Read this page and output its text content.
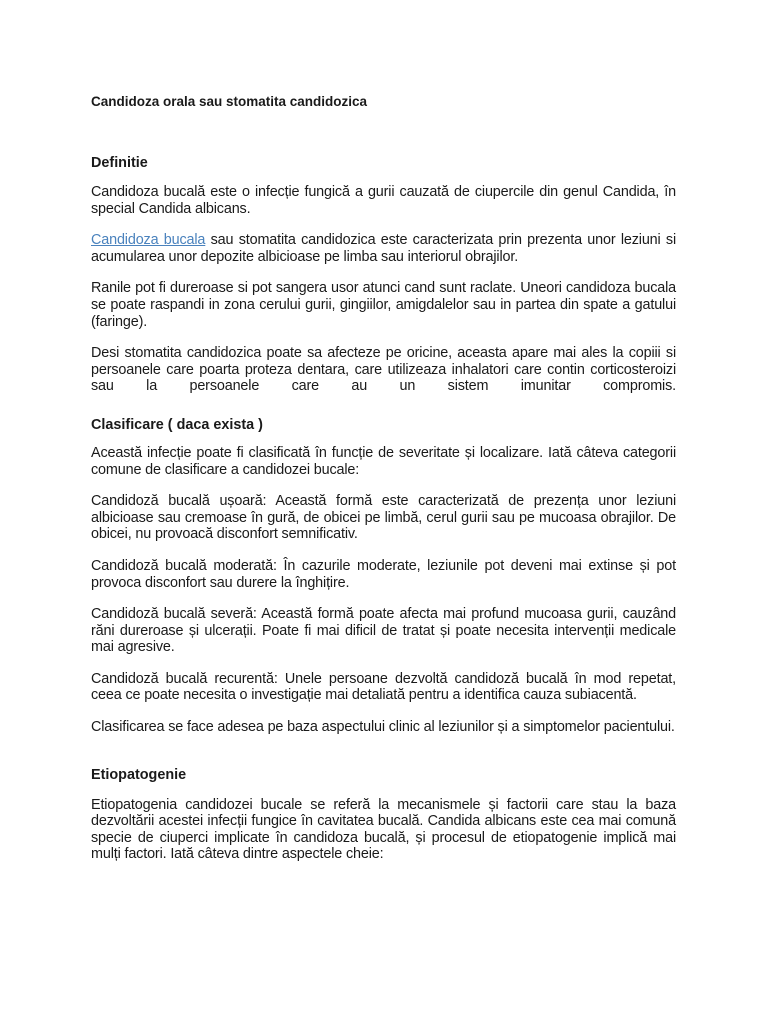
Candidoza orala sau stomatita candidozica

Definitie

Candidoza bucală este o infecție fungică a gurii cauzată de ciupercile din genul Candida, în special Candida albicans.

Candidoza bucala sau stomatita candidozica este caracterizata prin prezenta unor leziuni si acumularea unor depozite albicioase pe limba sau interiorul obrajilor.

Ranile pot fi dureroase si pot sangera usor atunci cand sunt raclate. Uneori candidoza bucala se poate raspandi in zona cerului gurii, gingiilor, amigdalelor sau in partea din spate a gatului (faringe).

Desi stomatita candidozica poate sa afecteze pe oricine, aceasta apare mai ales la copiii si persoanele care poarta proteza dentara, care utilizeaza inhalatori care contin corticosteroizi sau la persoanele care au un sistem imunitar compromis.

Clasificare ( daca exista )

Această infecție poate fi clasificată în funcție de severitate și localizare. Iată câteva categorii comune de clasificare a candidozei bucale:

Candidoză bucală ușoară: Această formă este caracterizată de prezența unor leziuni albicioase sau cremoase în gură, de obicei pe limbă, cerul gurii sau pe mucoasa obrajilor. De obicei, nu provoacă disconfort semnificativ.

Candidoză bucală moderată: În cazurile moderate, leziunile pot deveni mai extinse și pot provoca disconfort sau durere la înghițire.

Candidoză bucală severă: Această formă poate afecta mai profund mucoasa gurii, cauzând răni dureroase și ulcerații. Poate fi mai dificil de tratat și poate necesita intervenții medicale mai agresive.

Candidoză bucală recurentă: Unele persoane dezvoltă candidoză bucală în mod repetat, ceea ce poate necesita o investigație mai detaliată pentru a identifica cauza subiacentă.

Clasificarea se face adesea pe baza aspectului clinic al leziunilor și a simptomelor pacientului.

Etiopatogenie

Etiopatogenia candidozei bucale se referă la mecanismele și factorii care stau la baza dezvoltării acestei infecții fungice în cavitatea bucală. Candida albicans este cea mai comună specie de ciuperci implicate în candidoza bucală, și procesul de etiopatogenie implică mai mulți factori. Iată câteva dintre aspectele cheie:
